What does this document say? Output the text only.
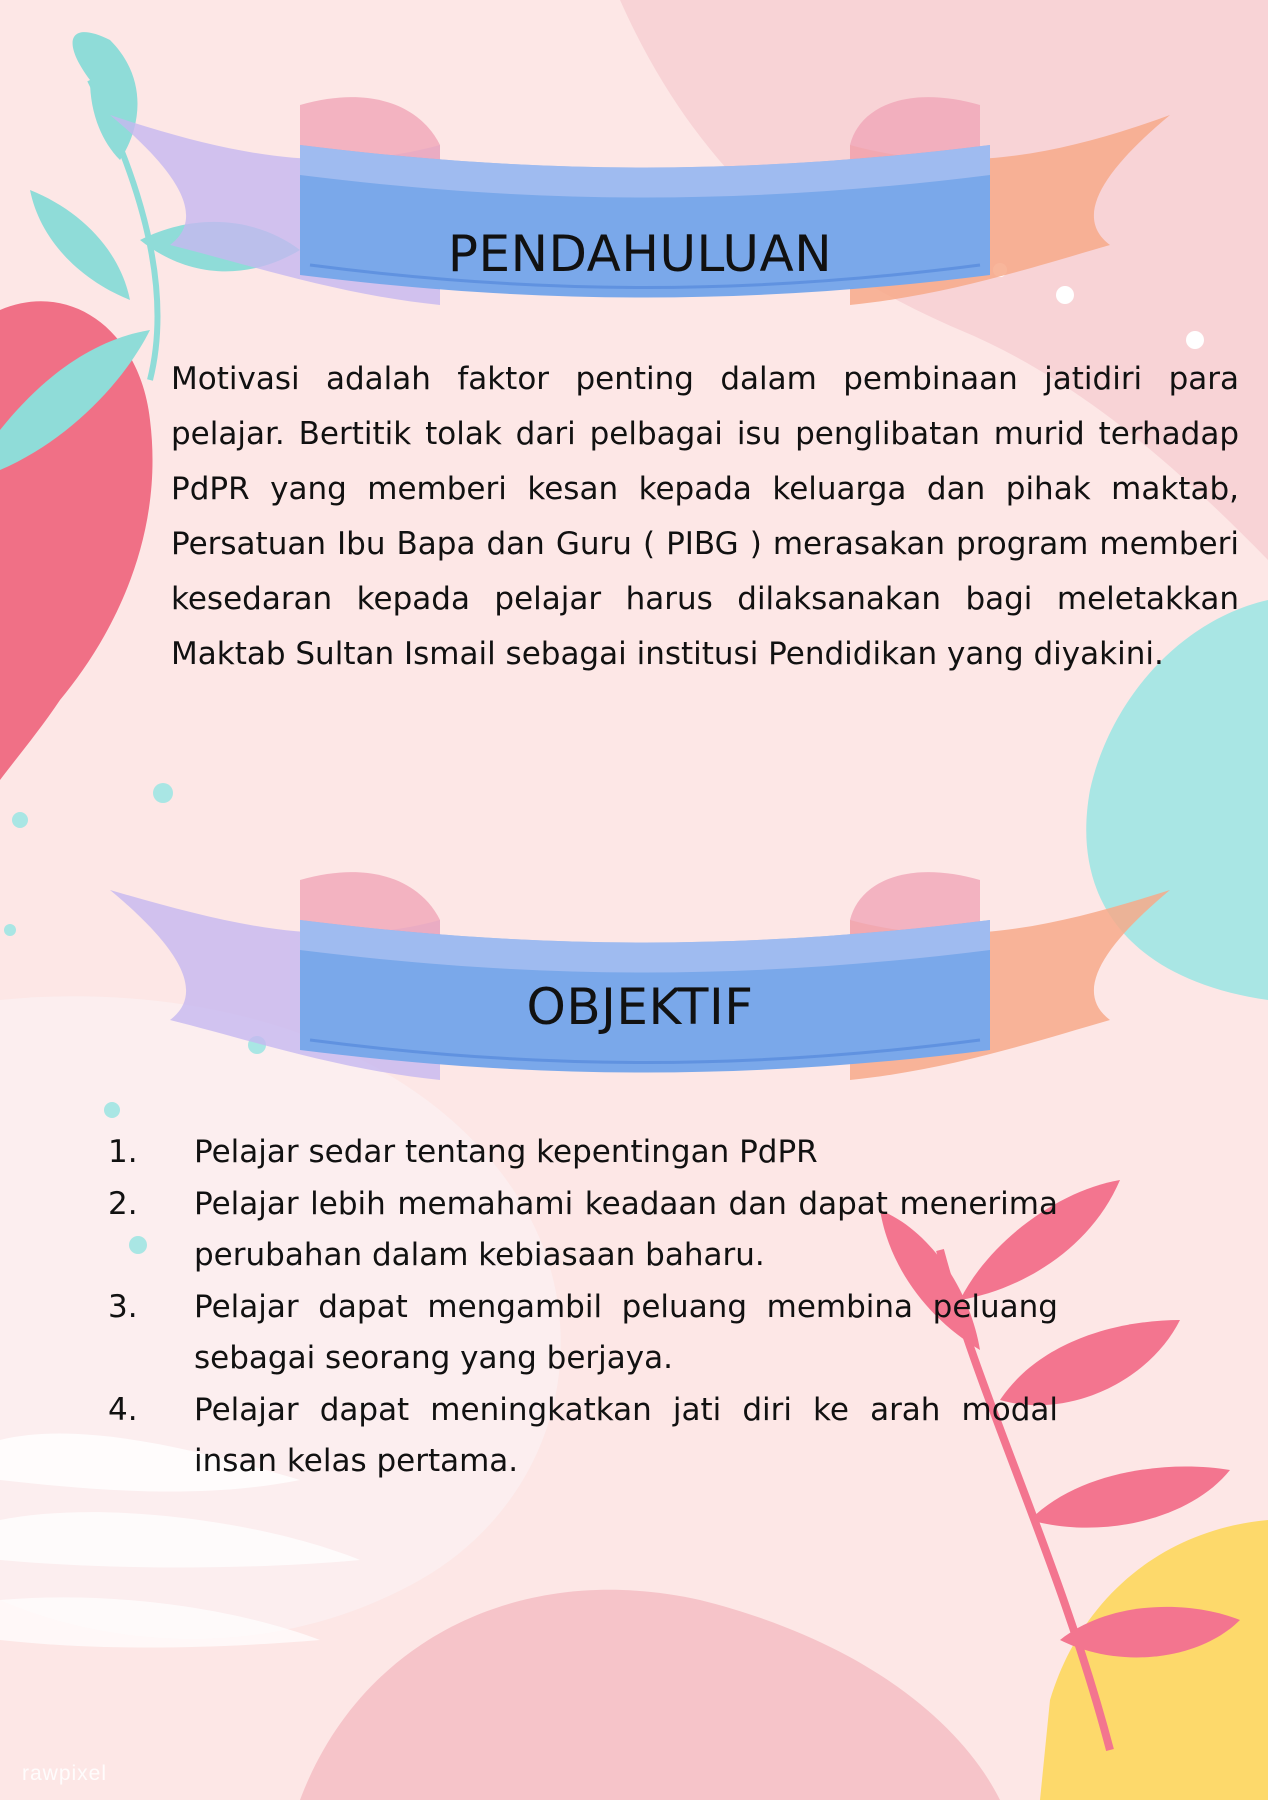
PENDAHULUAN

Motivasi adalah faktor penting dalam pembinaan jatidiri para pelajar. Bertitik tolak dari pelbagai isu penglibatan murid terhadap PdPR yang memberi kesan kepada keluarga dan pihak maktab, Persatuan Ibu Bapa dan Guru ( PIBG ) merasakan program memberi kesedaran kepada pelajar harus dilaksanakan bagi meletakkan Maktab Sultan Ismail sebagai institusi Pendidikan yang diyakini.

OBJEKTIF
1. Pelajar sedar tentang kepentingan PdPR
2. Pelajar lebih memahami keadaan dan dapat menerima perubahan dalam kebiasaan baharu.
3. Pelajar dapat mengambil peluang membina peluang sebagai seorang yang berjaya.
4. Pelajar dapat meningkatkan jati diri ke arah modal insan kelas pertama.
rawpixel
